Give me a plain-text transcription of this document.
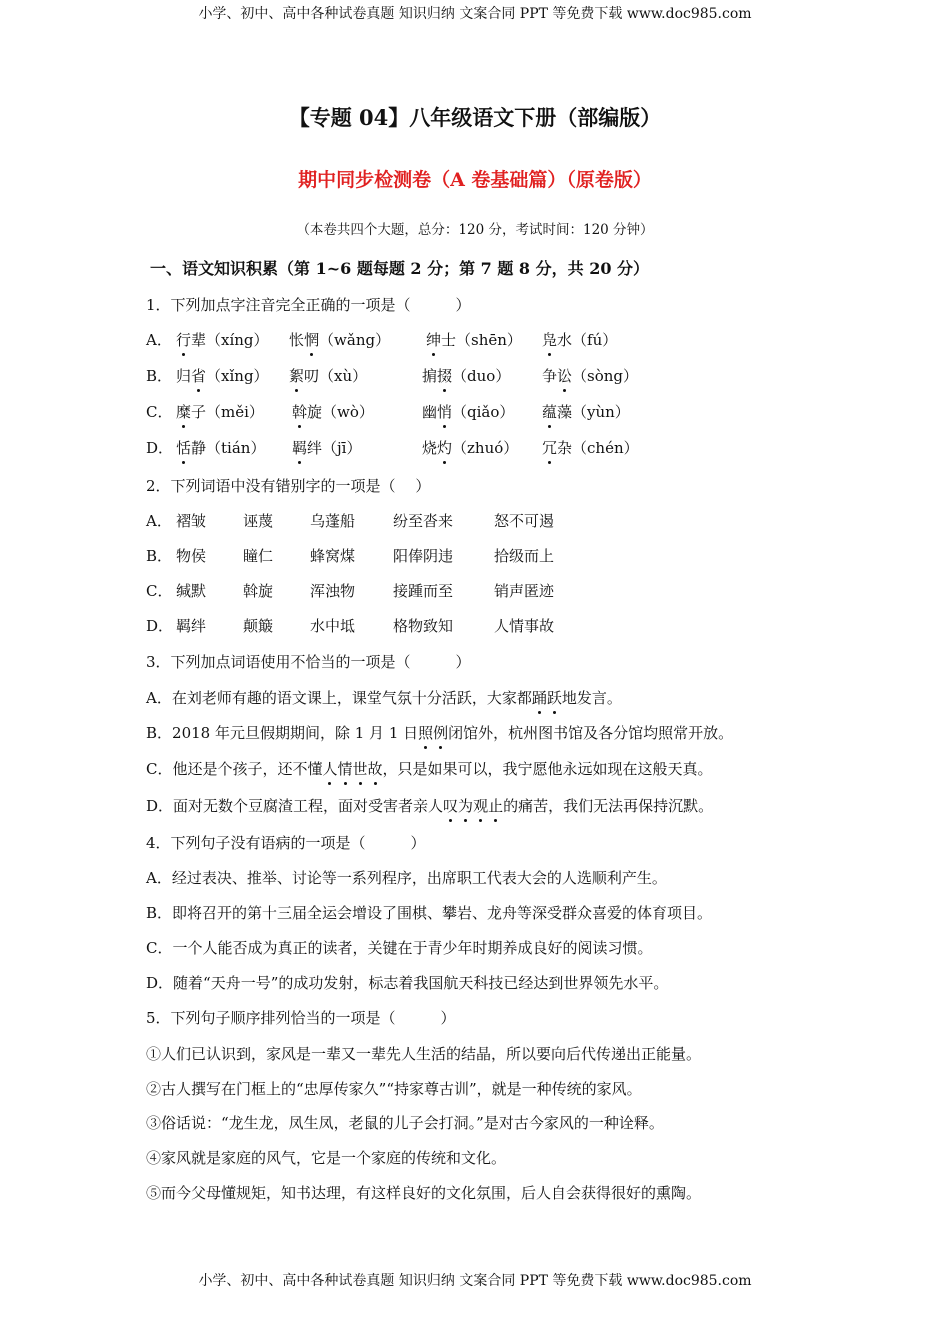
小学、初中、高中各种试卷真题 知识归纳 文案合同 PPT 等免费下载 www.doc985.com
【专题 04】八年级语文下册（部编版）
期中同步检测卷（A 卷基础篇）（原卷版）
（本卷共四个大题，总分：120 分，考试时间：120 分钟）
一、语文知识积累（第 1~6 题每题 2 分；第 7 题 8 分，共 20 分）
1．下列加点字注音完全正确的一项是（　　　）
A． 行辈（xíng） 怅惘（wǎng） 绅士（shēn） 凫水（fú）
B． 归省（xǐng） 絮叨（xù）	掮掇（duo） 争讼（sòng）
C． 糜子（měi） 斡旋（wò）	幽悄（qiǎo） 蕴藻（yùn）
D． 恬静（tián） 羁绊（jī）	烧灼（zhuó） 冗杂（chén）
2．下列词语中没有错别字的一项是（　 ）
A． 褶皱 诬蔑 乌蓬船	纷至沓来	怒不可遏
B． 物侯 瞳仁 蜂窝煤	阳俸阴违	拾级而上
C． 缄默 斡旋 浑浊物	接踵而至	销声匿迹
D． 羁绊 颠簸 水中坻	格物致知	人情事故
3．下列加点词语使用不恰当的一项是（　　　）
A．在刘老师有趣的语文课上，课堂气氛十分活跃，大家都踊跃地发言。
B．2018 年元旦假期期间，除 1 月 1 日照例闭馆外，杭州图书馆及各分馆均照常开放。
C．他还是个孩子，还不懂人情世故，只是如果可以，我宁愿他永远如现在这般天真。
D．面对无数个豆腐渣工程，面对受害者亲人叹为观止的痛苦，我们无法再保持沉默。
4．下列句子没有语病的一项是（　　　）
A．经过表决、推举、讨论等一系列程序，出席职工代表大会的人选顺利产生。
B．即将召开的第十三届全运会增设了围棋、攀岩、龙舟等深受群众喜爱的体育项目。
C．一个人能否成为真正的读者，关键在于青少年时期养成良好的阅读习惯。
D．随着“天舟一号”的成功发射，标志着我国航天科技已经达到世界领先水平。
5．下列句子顺序排列恰当的一项是（　　　）
①人们已认识到，家风是一辈又一辈先人生活的结晶，所以要向后代传递出正能量。
②古人撰写在门框上的“忠厚传家久”“持家尊古训”，就是一种传统的家风。
③俗话说：“龙生龙，凤生凤，老鼠的儿子会打洞。”是对古今家风的一种诠释。
④家风就是家庭的风气，它是一个家庭的传统和文化。
⑤而今父母懂规矩，知书达理，有这样良好的文化氛围，后人自会获得很好的熏陶。
小学、初中、高中各种试卷真题 知识归纳 文案合同 PPT 等免费下载 www.doc985.com
